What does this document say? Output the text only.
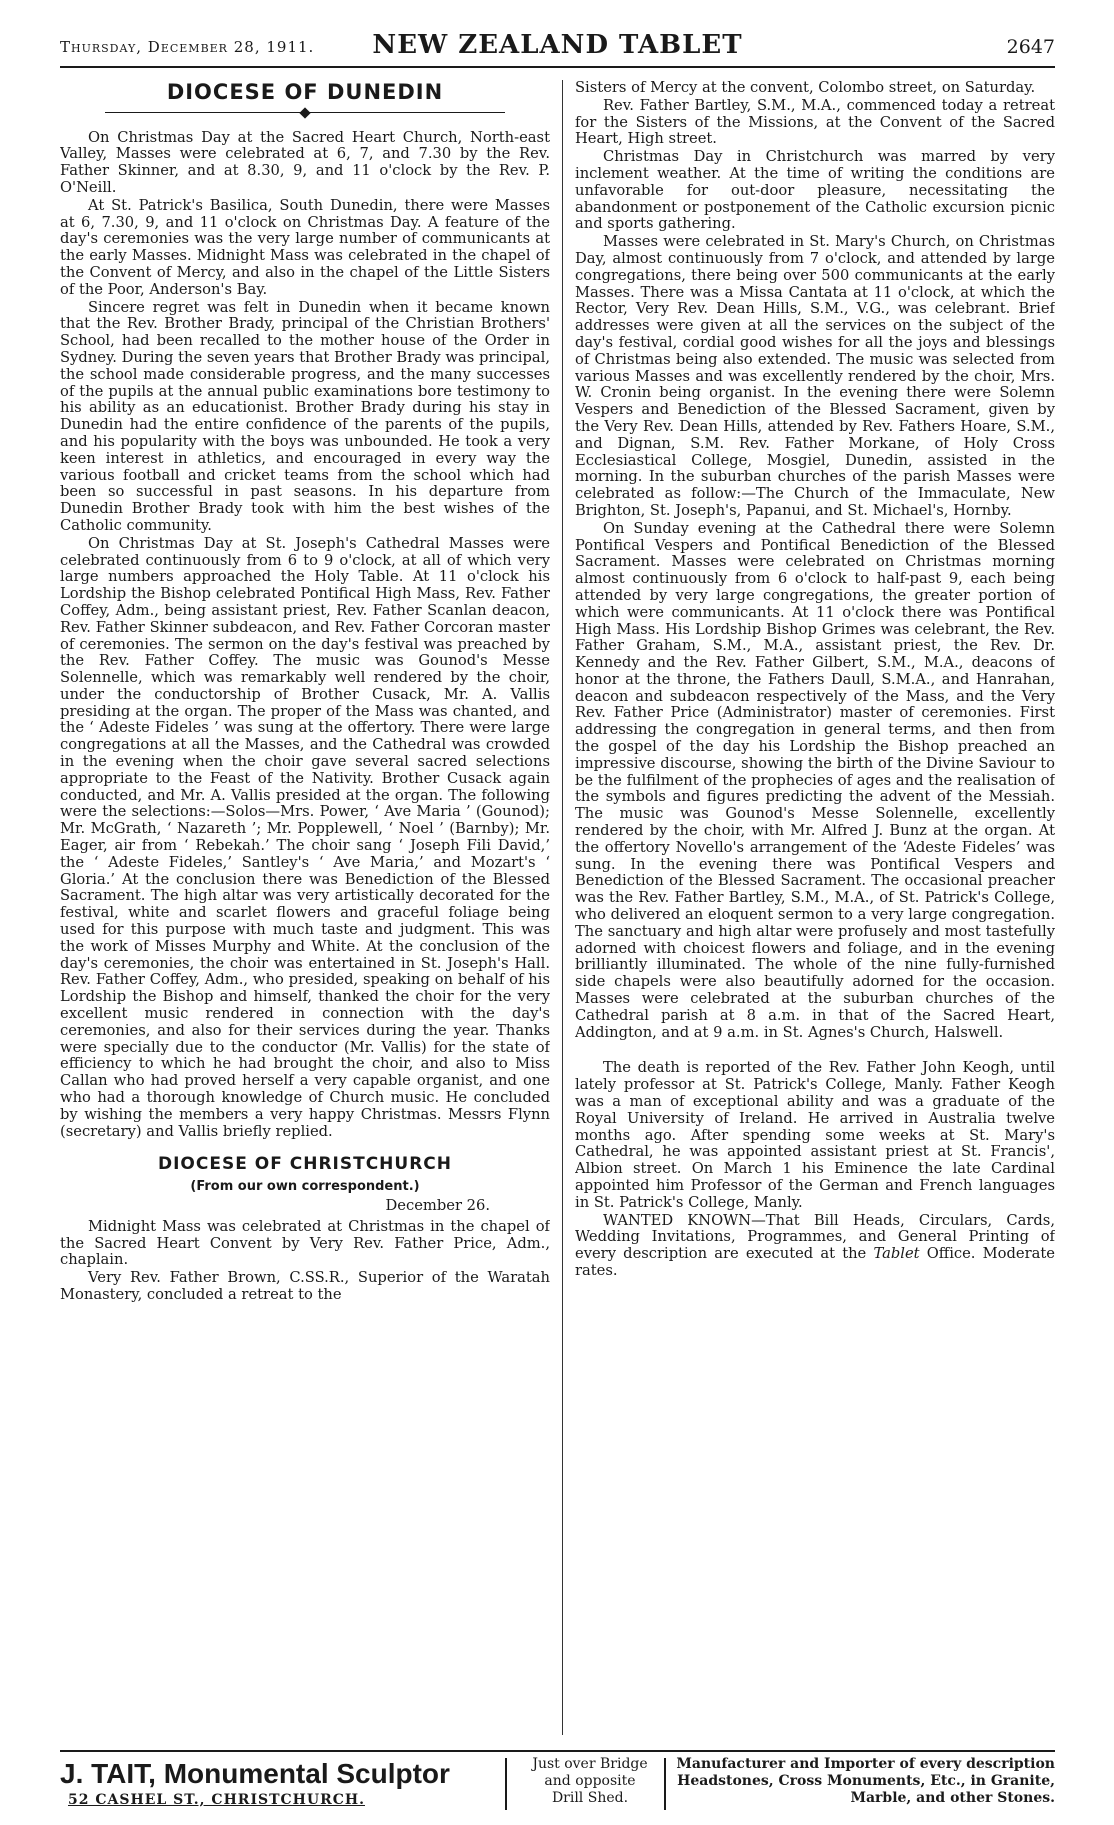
Thursday, December 28, 1911.	NEW ZEALAND TABLET	2647
DIOCESE OF DUNEDIN

On Christmas Day at the Sacred Heart Church, North-east Valley, Masses were celebrated at 6, 7, and 7.30 by the Rev. Father Skinner, and at 8.30, 9, and 11 o'clock by the Rev. P. O'Neill.

At St. Patrick's Basilica, South Dunedin, there were Masses at 6, 7.30, 9, and 11 o'clock on Christmas Day. A feature of the day's ceremonies was the very large number of communicants at the early Masses. Midnight Mass was celebrated in the chapel of the Convent of Mercy, and also in the chapel of the Little Sisters of the Poor, Anderson's Bay.

Sincere regret was felt in Dunedin when it became known that the Rev. Brother Brady, principal of the Christian Brothers' School, had been recalled to the mother house of the Order in Sydney. During the seven years that Brother Brady was principal, the school made considerable progress, and the many successes of the pupils at the annual public examinations bore testimony to his ability as an educationist. Brother Brady during his stay in Dunedin had the entire confidence of the parents of the pupils, and his popularity with the boys was unbounded. He took a very keen interest in athletics, and encouraged in every way the various football and cricket teams from the school which had been so successful in past seasons. In his departure from Dunedin Brother Brady took with him the best wishes of the Catholic community.

On Christmas Day at St. Joseph's Cathedral Masses were celebrated continuously from 6 to 9 o'clock, at all of which very large numbers approached the Holy Table. At 11 o'clock his Lordship the Bishop celebrated Pontifical High Mass, Rev. Father Coffey, Adm., being assistant priest, Rev. Father Scanlan deacon, Rev. Father Skinner subdeacon, and Rev. Father Corcoran master of ceremonies. The sermon on the day's festival was preached by the Rev. Father Coffey. The music was Gounod's Messe Solennelle, which was remarkably well rendered by the choir, under the conductorship of Brother Cusack, Mr. A. Vallis presiding at the organ. The proper of the Mass was chanted, and the ‘ Adeste Fideles ’ was sung at the offertory. There were large congregations at all the Masses, and the Cathedral was crowded in the evening when the choir gave several sacred selections appropriate to the Feast of the Nativity. Brother Cusack again conducted, and Mr. A. Vallis presided at the organ. The following were the selections:—Solos—Mrs. Power, ‘ Ave Maria ’ (Gounod); Mr. McGrath, ‘ Nazareth ’; Mr. Popplewell, ‘ Noel ’ (Barnby); Mr. Eager, air from ‘ Rebekah.’ The choir sang ‘ Joseph Fili David,’ the ‘ Adeste Fideles,’ Santley's ‘ Ave Maria,’ and Mozart's ‘ Gloria.’ At the conclusion there was Benediction of the Blessed Sacrament. The high altar was very artistically decorated for the festival, white and scarlet flowers and graceful foliage being used for this purpose with much taste and judgment. This was the work of Misses Murphy and White. At the conclusion of the day's ceremonies, the choir was entertained in St. Joseph's Hall. Rev. Father Coffey, Adm., who presided, speaking on behalf of his Lordship the Bishop and himself, thanked the choir for the very excellent music rendered in connection with the day's ceremonies, and also for their services during the year. Thanks were specially due to the conductor (Mr. Vallis) for the state of efficiency to which he had brought the choir, and also to Miss Callan who had proved herself a very capable organist, and one who had a thorough knowledge of Church music. He concluded by wishing the members a very happy Christmas. Messrs Flynn (secretary) and Vallis briefly replied.

DIOCESE OF CHRISTCHURCH
(From our own correspondent.)
December 26.

Midnight Mass was celebrated at Christmas in the chapel of the Sacred Heart Convent by Very Rev. Father Price, Adm., chaplain.

Very Rev. Father Brown, C.SS.R., Superior of the Waratah Monastery, concluded a retreat to the

Sisters of Mercy at the convent, Colombo street, on Saturday.

Rev. Father Bartley, S.M., M.A., commenced today a retreat for the Sisters of the Missions, at the Convent of the Sacred Heart, High street.

Christmas Day in Christchurch was marred by very inclement weather. At the time of writing the conditions are unfavorable for out-door pleasure, necessitating the abandonment or postponement of the Catholic excursion picnic and sports gathering.

Masses were celebrated in St. Mary's Church, on Christmas Day, almost continuously from 7 o'clock, and attended by large congregations, there being over 500 communicants at the early Masses. There was a Missa Cantata at 11 o'clock, at which the Rector, Very Rev. Dean Hills, S.M., V.G., was celebrant. Brief addresses were given at all the services on the subject of the day's festival, cordial good wishes for all the joys and blessings of Christmas being also extended. The music was selected from various Masses and was excellently rendered by the choir, Mrs. W. Cronin being organist. In the evening there were Solemn Vespers and Benediction of the Blessed Sacrament, given by the Very Rev. Dean Hills, attended by Rev. Fathers Hoare, S.M., and Dignan, S.M. Rev. Father Morkane, of Holy Cross Ecclesiastical College, Mosgiel, Dunedin, assisted in the morning. In the suburban churches of the parish Masses were celebrated as follow:—The Church of the Immaculate, New Brighton, St. Joseph's, Papanui, and St. Michael's, Hornby.

On Sunday evening at the Cathedral there were Solemn Pontifical Vespers and Pontifical Benediction of the Blessed Sacrament. Masses were celebrated on Christmas morning almost continuously from 6 o'clock to half-past 9, each being attended by very large congregations, the greater portion of which were communicants. At 11 o'clock there was Pontifical High Mass. His Lordship Bishop Grimes was celebrant, the Rev. Father Graham, S.M., M.A., assistant priest, the Rev. Dr. Kennedy and the Rev. Father Gilbert, S.M., M.A., deacons of honor at the throne, the Fathers Daull, S.M.A., and Hanrahan, deacon and subdeacon respectively of the Mass, and the Very Rev. Father Price (Administrator) master of ceremonies. First addressing the congregation in general terms, and then from the gospel of the day his Lordship the Bishop preached an impressive discourse, showing the birth of the Divine Saviour to be the fulfilment of the prophecies of ages and the realisation of the symbols and figures predicting the advent of the Messiah. The music was Gounod's Messe Solennelle, excellently rendered by the choir, with Mr. Alfred J. Bunz at the organ. At the offertory Novello's arrangement of the ‘Adeste Fideles’ was sung. In the evening there was Pontifical Vespers and Benediction of the Blessed Sacrament. The occasional preacher was the Rev. Father Bartley, S.M., M.A., of St. Patrick's College, who delivered an eloquent sermon to a very large congregation. The sanctuary and high altar were profusely and most tastefully adorned with choicest flowers and foliage, and in the evening brilliantly illuminated. The whole of the nine fully-furnished side chapels were also beautifully adorned for the occasion. Masses were celebrated at the suburban churches of the Cathedral parish at 8 a.m. in that of the Sacred Heart, Addington, and at 9 a.m. in St. Agnes's Church, Halswell.

The death is reported of the Rev. Father John Keogh, until lately professor at St. Patrick's College, Manly. Father Keogh was a man of exceptional ability and was a graduate of the Royal University of Ireland. He arrived in Australia twelve months ago. After spending some weeks at St. Mary's Cathedral, he was appointed assistant priest at St. Francis', Albion street. On March 1 his Eminence the late Cardinal appointed him Professor of the German and French languages in St. Patrick's College, Manly.

WANTED KNOWN—That Bill Heads, Circulars, Cards, Wedding Invitations, Programmes, and General Printing of every description are executed at the Tablet Office. Moderate rates.

J. TAIT, Monumental Sculptor
52 CASHEL ST., CHRISTCHURCH.
Just over Bridge
and opposite
Drill Shed.
Manufacturer and Importer of every description
Headstones, Cross Monuments, Etc., in Granite,
Marble, and other Stones.
